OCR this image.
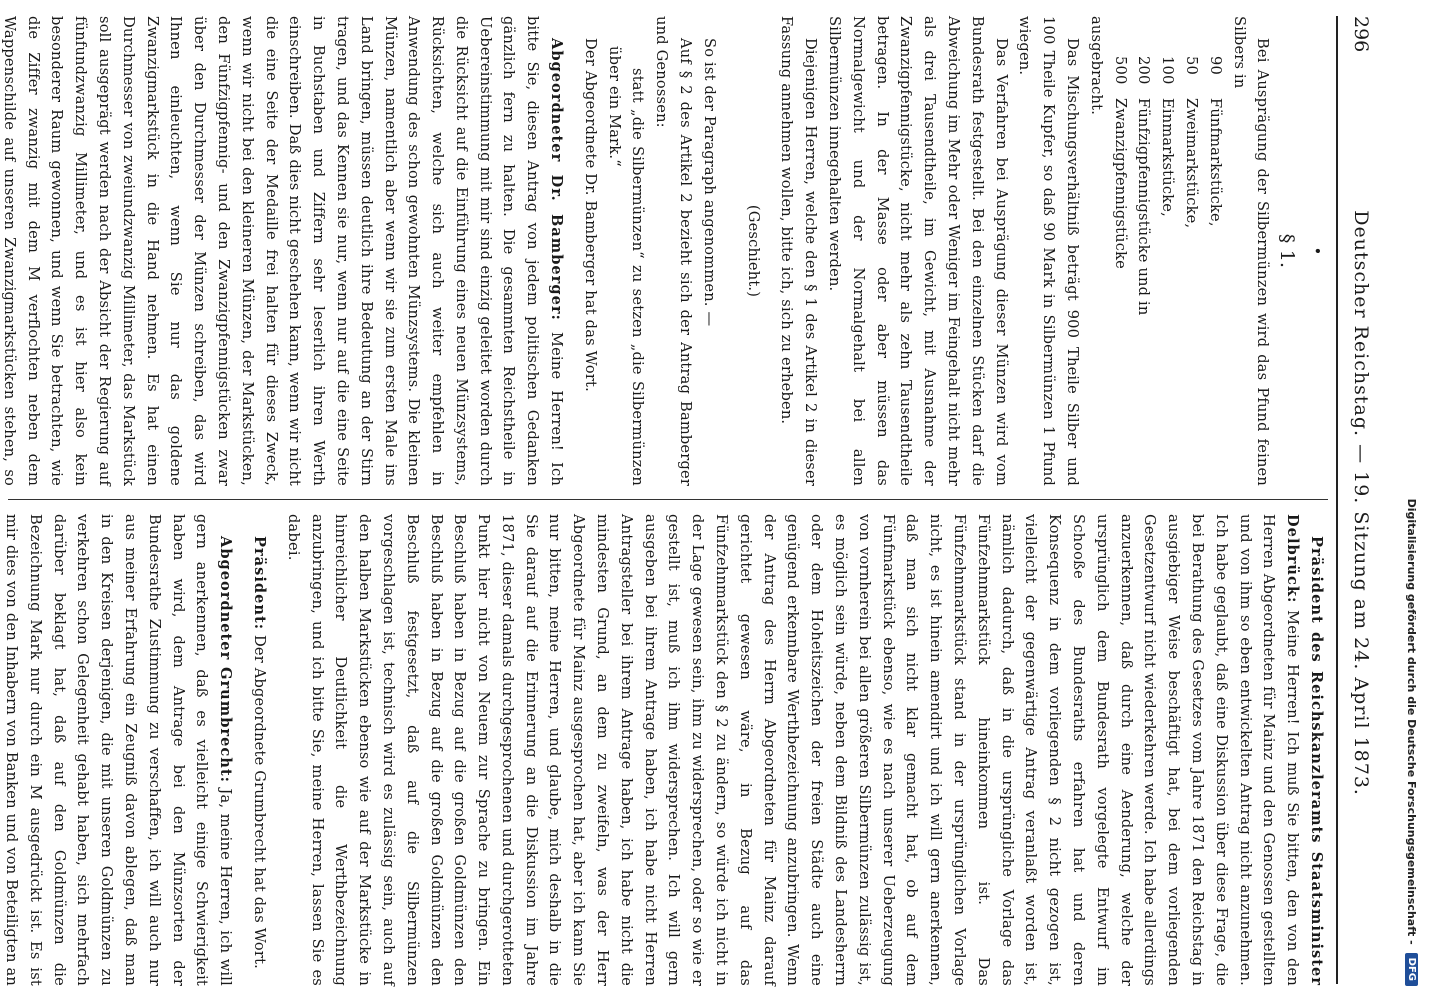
296
Deutscher Reichstag. — 19. Sitzung am 24. April 1873.

•

§ 1.

Bei Ausprägung der Silbermünzen wird das Pfund feinen Silbers in

90Fünfmarkstücke,
50Zweimarkstücke,
100Einmarkstücke,
200Fünfzigpfennigstücke und in
500Zwanzigpfennigstücke

ausgebracht.

Das Mischungsverhältniß beträgt 900 Theile Silber und 100 Theile Kupfer, so daß 90 Mark in Silbermünzen 1 Pfund wiegen.

Das Verfahren bei Ausprägung dieser Münzen wird vom Bundesrath festgestellt. Bei den einzelnen Stücken darf die Abweichung im Mehr oder Weniger im Feingehalt nicht mehr als drei Tausendtheile, im Gewicht, mit Ausnahme der Zwanzigpfennigstücke, nicht mehr als zehn Tausendtheile betragen. In der Masse oder aber müssen das Normalgewicht und der Normalgehalt bei allen Silbermünzen innegehalten werden.

Diejenigen Herren, welche den § 1 des Artikel 2 in dieser Fassung annehmen wollen, bitte ich, sich zu erheben.

(Geschieht.)

So ist der Paragraph angenommen. —

Auf § 2 des Artikel 2 bezieht sich der Antrag Bamberger und Genossen:

statt „die Silbermünzen“ zu setzen „die Silbermünzen über ein Mark.“

Der Abgeordnete Dr. Bamberger hat das Wort.

Abgeordneter Dr. Bamberger: Meine Herren! Ich bitte Sie, diesen Antrag von jedem politischen Gedanken gänzlich fern zu halten. Die gesammten Reichstheile in Uebereinstimmung mit mir sind einzig geleitet worden durch die Rücksicht auf die Einführung eines neuen Münzsystems, Rücksichten, welche sich auch weiter empfehlen in Anwendung des schon gewohnten Münzsystems. Die kleinen Münzen, namentlich aber wenn wir sie zum ersten Male ins Land bringen, müssen deutlich ihre Bedeutung an der Stirn tragen, und das Kennen sie nur, wenn nur auf die eine Seite in Buchstaben und Ziffern sehr leserlich ihren Werth einschreiben. Daß dies nicht geschehen kann, wenn wir nicht die eine Seite der Medaille frei halten für dieses Zweck, wenn wir nicht bei den kleineren Münzen, der Markstücken, den Fünfzigpfennig- und den Zwanzigpfennigstücken zwar über den Durchmesser der Münzen schreiben, das wird Ihnen einleuchten, wenn Sie nur das goldene Zwanzigmarkstück in die Hand nehmen. Es hat einen Durchmesser von zweiundzwanzig Millimeter, das Markstück soll ausgeprägt werden nach der Absicht der Regierung auf fünfundzwanzig Millimeter, und es ist hier also kein besonderer Raum gewonnen, und wenn Sie betrachten, wie die Ziffer zwanzig mit dem M verflochten neben dem Wappenschilde auf unseren Zwanzigmarkstücken stehen, so

Präsident des Reichskanzleramts Staatsminister Delbrück: Meine Herren! Ich muß Sie bitten, den von den Herren Abgeordneten für Mainz und den Genossen gestellten und von ihm so eben entwickelten Antrag nicht anzunehmen. Ich habe geglaubt, daß eine Diskussion über diese Frage, die bei Berathung des Gesetzes vom Jahre 1871 den Reichstag in ausgiebiger Weise beschäftigt hat, bei dem vorliegenden Gesetzentwurf nicht wiederkehren werde. Ich habe allerdings anzuerkennen, daß durch eine Aenderung, welche der ursprünglich dem Bundesrath vorgelegte Entwurf im Schooße des Bundesraths erfahren hat und deren Konsequenz in dem vorliegenden § 2 nicht gezogen ist, vielleicht der gegenwärtige Antrag veranlaßt worden ist, nämlich dadurch, daß in die ursprüngliche Vorlage das Fünfzehnmarkstück hineinkommen ist. Das Fünfzehnmarkstück stand in der ursprünglichen Vorlage nicht, es ist hinein amendirt und ich will gern anerkennen, daß man sich nicht klar gemacht hat, ob auf dem Fünfmarkstück ebenso, wie es nach unserer Ueberzeugung von vornherein bei allen größeren Silbermünzen zulässig ist, es möglich sein würde, neben dem Bildniß des Landesherrn oder dem Hoheitszeichen der freien Städte auch eine genügend erkennbare Werthbezeichnung anzubringen. Wenn der Antrag des Herrn Abgeordneten für Mainz darauf gerichtet gewesen wäre, in Bezug auf das Fünfzehnmarkstück den § 2 zu ändern, so würde ich nicht in der Lage gewesen sein, ihm zu widersprechen, oder so wie er gestellt ist, muß ich ihm widersprechen. Ich will gern ausgeben bei ihrem Antrage haben, ich habe nicht Herren Antragsteller bei ihrem Antrage haben, ich habe nicht die mindesten Grund, an dem zu zweifeln, was der Herr Abgeordnete für Mainz ausgesprochen hat, aber ich kann Sie nur bitten, meine Herren, und glaube, mich deshalb in die Sie darauf auf die Erinnerung an die Diskussion im Jahre 1871, dieser damals durchgesprochenen und durchgerotteten Punkt hier nicht von Neuem zur Sprache zu bringen. Ein Beschluß haben in Bezug auf die großen Goldmünzen den Beschluß haben in Bezug auf die großen Goldmünzen den Beschluß festgesetzt, daß auf die Silbermünzen vorgeschlagen ist, technisch wird es zulässig sein, auch auf den halben Markstücken ebenso wie auf der Markstücke in hinreichlicher Deutlichkeit die Werthbezeichnung anzubringen, und ich bitte Sie, meine Herren, lassen Sie es dabei.

Präsident: Der Abgeordnete Grumbrecht hat das Wort.

Abgeordneter Grumbrecht: Ja, meine Herren, ich will gern anerkennen, daß es vielleicht einige Schwierigkeit haben wird, dem Antrage bei den Münzsorten der Bundesrathe Zustimmung zu verschaffen, ich will auch nur aus meiner Erfahrung ein Zeugniß davon ablegen, daß man in den Kreisen derjenigen, die mit unseren Goldmünzen zu verkehren schon Gelegenheit gehabt haben, sich mehrfach darüber beklagt hat, daß auf den Goldmünzen die Bezeichnung Mark nur durch ein M ausgedrückt ist. Es ist mir dies von den Inhabern von Banken und von Beteiligten an

Digitalisierung gefördert durch die Deutsche Forschungsgemeinschaft -
DFG
